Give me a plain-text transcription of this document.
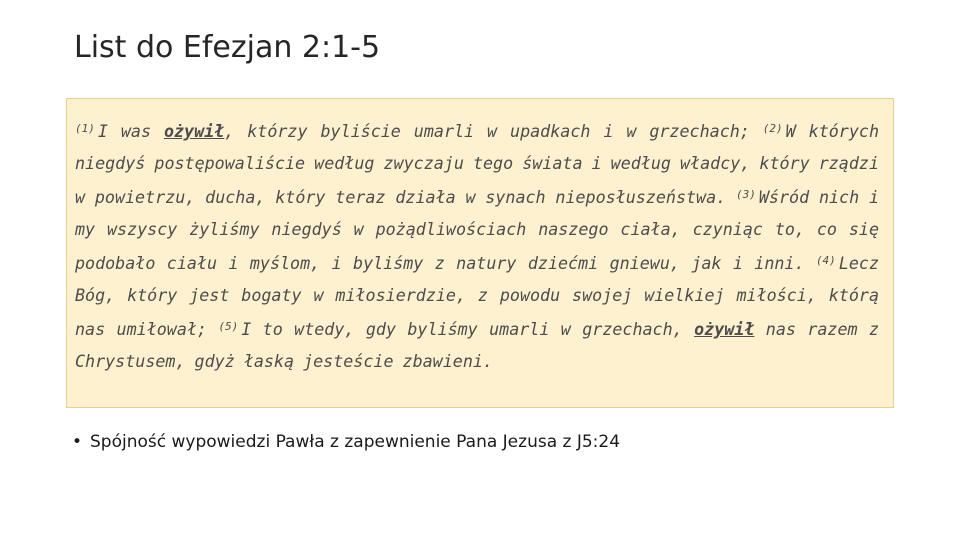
List do Efezjan 2:1-5

$^{(1)}$ I was ożywił, którzy byliście umarli w upadkach i w grzechach; $^{(2)}$ W których niegdyś postępowaliście według zwyczaju tego świata i według władcy, który rządzi w powietrzu, ducha, który teraz działa w synach nieposłuszeństwa. $^{(3)}$ Wśród nich i my wszyscy żyliśmy niegdyś w pożądliwościach naszego ciała, czyniąc to, co się podobało ciału i myślom, i byliśmy z natury dziećmi gniewu, jak i inni. $^{(4)}$ Lecz Bóg, który jest bogaty w miłosierdzie, z powodu swojej wielkiej miłości, którą nas umiłował; $^{(5)}$ I to wtedy, gdy byliśmy umarli w grzechach, ożywił nas razem z Chrystusem, gdyż łaską jesteście zbawieni.

• Spójność wypowiedzi Pawła z zapewnienie Pana Jezusa z J5:24
